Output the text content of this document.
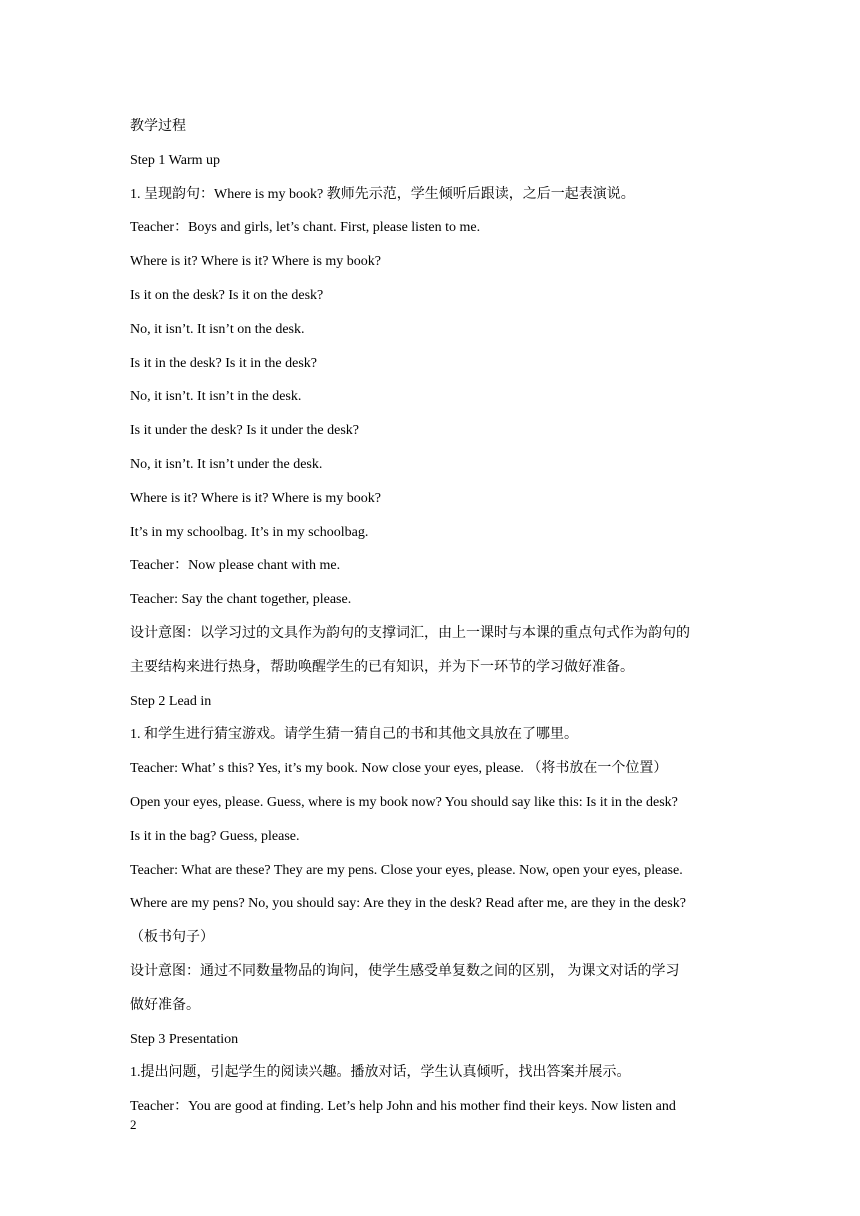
教学过程
Step 1 Warm up
1. 呈现韵句：Where is my book? 教师先示范，学生倾听后跟读，之后一起表演说。
Teacher：Boys and girls, let’s chant. First, please listen to me.
Where is it? Where is it? Where is my book?
Is it on the desk? Is it on the desk?
No, it isn’t. It isn’t on the desk.
Is it in the desk? Is it in the desk?
No, it isn’t. It isn’t in the desk.
Is it under the desk? Is it under the desk?
No, it isn’t. It isn’t under the desk.
Where is it? Where is it? Where is my book?
It’s in my schoolbag. It’s in my schoolbag.
Teacher：Now please chant with me.
Teacher: Say the chant together, please.
设计意图：以学习过的文具作为韵句的支撑词汇，由上一课时与本课的重点句式作为韵句的
主要结构来进行热身，帮助唤醒学生的已有知识，并为下一环节的学习做好准备。
Step 2 Lead in
1. 和学生进行猜宝游戏。请学生猜一猜自己的书和其他文具放在了哪里。
Teacher: What’ s this? Yes, it’s my book. Now close your eyes, please. （将书放在一个位置）
Open your eyes, please. Guess, where is my book now? You should say like this: Is it in the desk?
Is it in the bag? Guess, please.
Teacher: What are these? They are my pens. Close your eyes, please. Now, open your eyes, please.
Where are my pens? No, you should say: Are they in the desk? Read after me, are they in the desk?
（板书句子）
设计意图：通过不同数量物品的询问，使学生感受单复数之间的区别， 为课文对话的学习
做好准备。
Step 3 Presentation
1.提出问题，引起学生的阅读兴趣。播放对话，学生认真倾听，找出答案并展示。
Teacher：You are good at finding. Let’s help John and his mother find their keys. Now listen and
2
